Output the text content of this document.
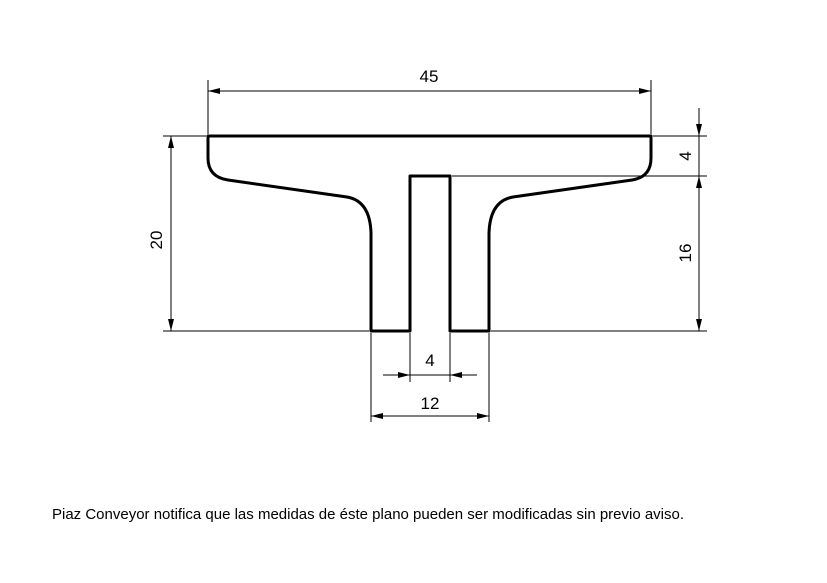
45
20
4
16
4
12
Piaz Conveyor notifica que las medidas de éste plano pueden ser modificadas sin previo aviso.
